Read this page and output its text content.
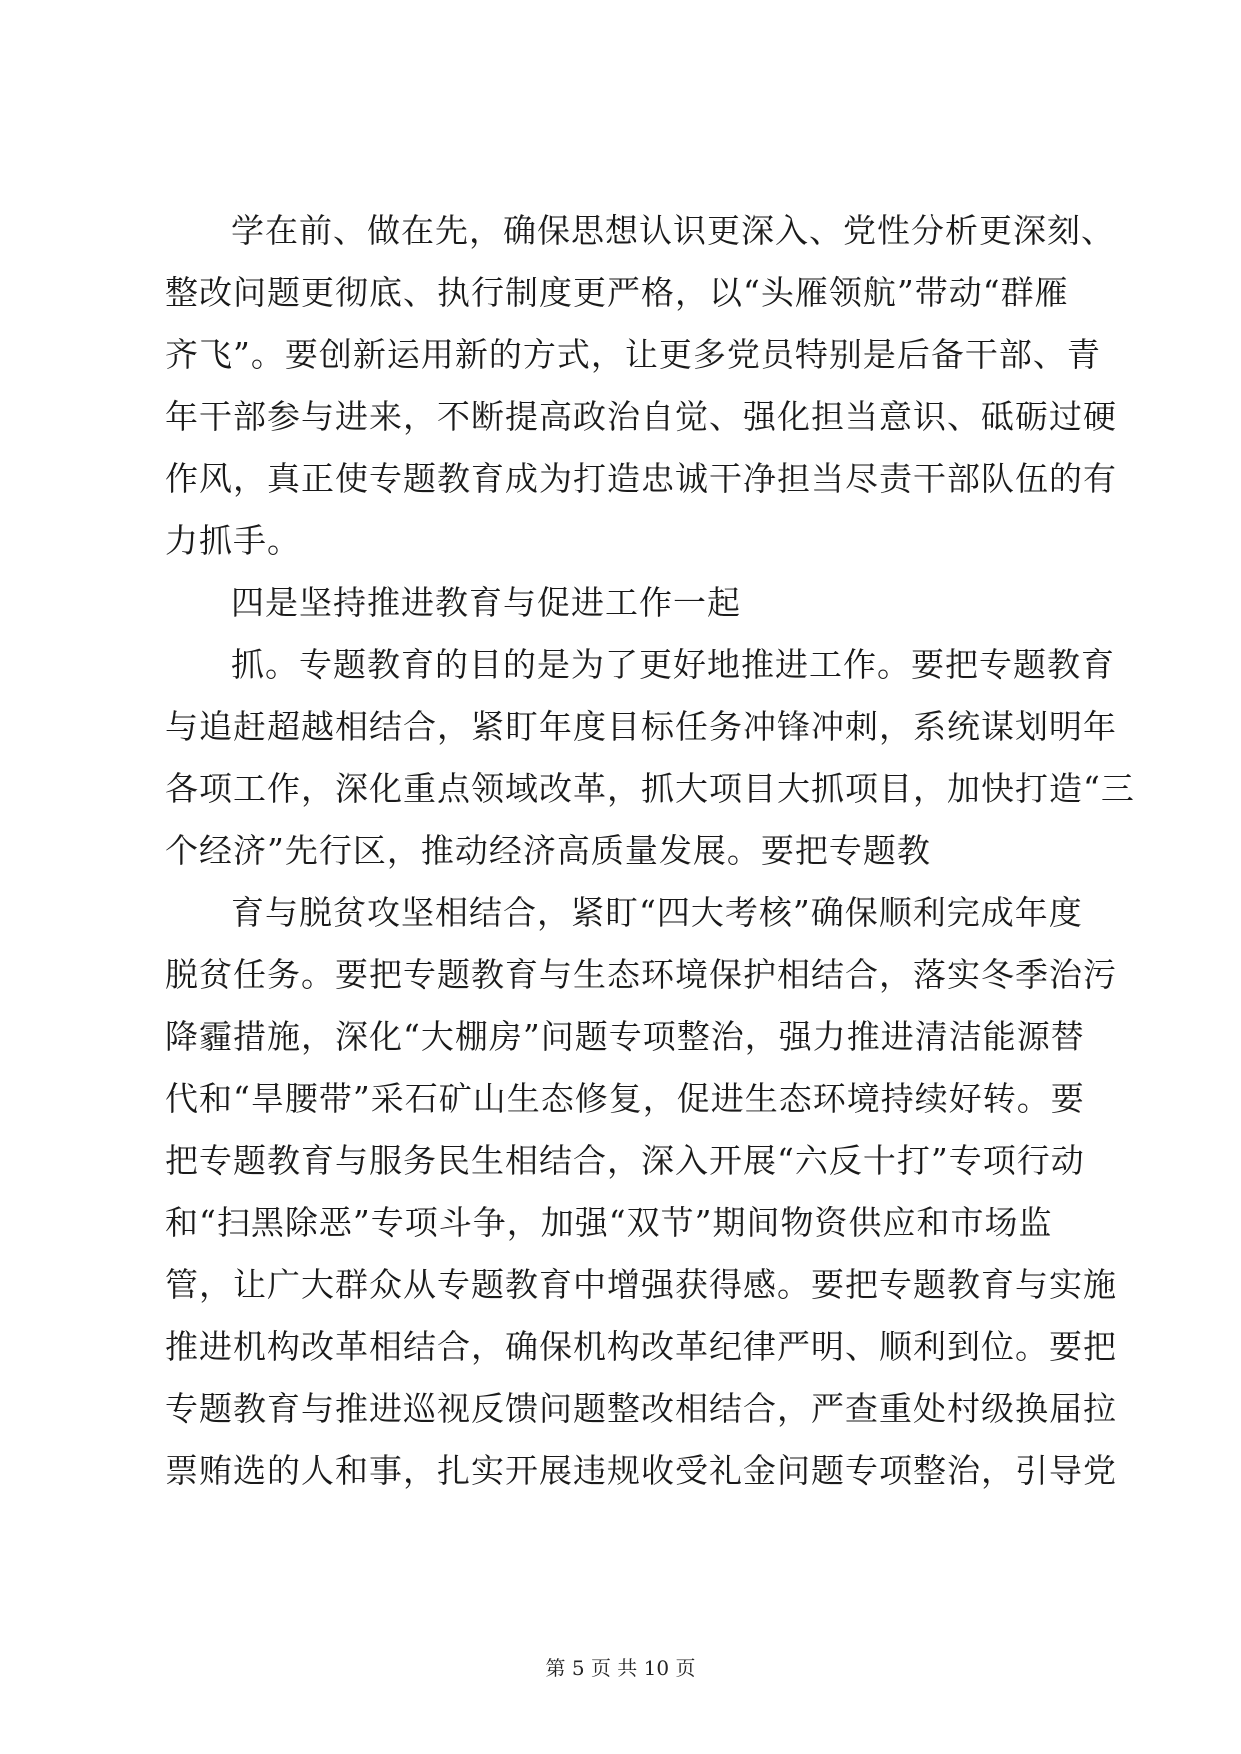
学在前、做在先，确保思想认识更深入、党性分析更深刻、
整改问题更彻底、执行制度更严格，以“头雁领航”带动“群雁
齐飞”。要创新运用新的方式，让更多党员特别是后备干部、青
年干部参与进来，不断提高政治自觉、强化担当意识、砥砺过硬
作风，真正使专题教育成为打造忠诚干净担当尽责干部队伍的有
力抓手。
四是坚持推进教育与促进工作一起
抓。专题教育的目的是为了更好地推进工作。要把专题教育
与追赶超越相结合，紧盯年度目标任务冲锋冲刺，系统谋划明年
各项工作，深化重点领域改革，抓大项目大抓项目，加快打造“三
个经济”先行区，推动经济高质量发展。要把专题教
育与脱贫攻坚相结合，紧盯“四大考核”确保顺利完成年度
脱贫任务。要把专题教育与生态环境保护相结合，落实冬季治污
降霾措施，深化“大棚房”问题专项整治，强力推进清洁能源替
代和“旱腰带”采石矿山生态修复，促进生态环境持续好转。要
把专题教育与服务民生相结合，深入开展“六反十打”专项行动
和“扫黑除恶”专项斗争，加强“双节”期间物资供应和市场监
管，让广大群众从专题教育中增强获得感。要把专题教育与实施
推进机构改革相结合，确保机构改革纪律严明、顺利到位。要把
专题教育与推进巡视反馈问题整改相结合，严查重处村级换届拉
票贿选的人和事，扎实开展违规收受礼金问题专项整治，引导党
第 5 页 共 10 页
